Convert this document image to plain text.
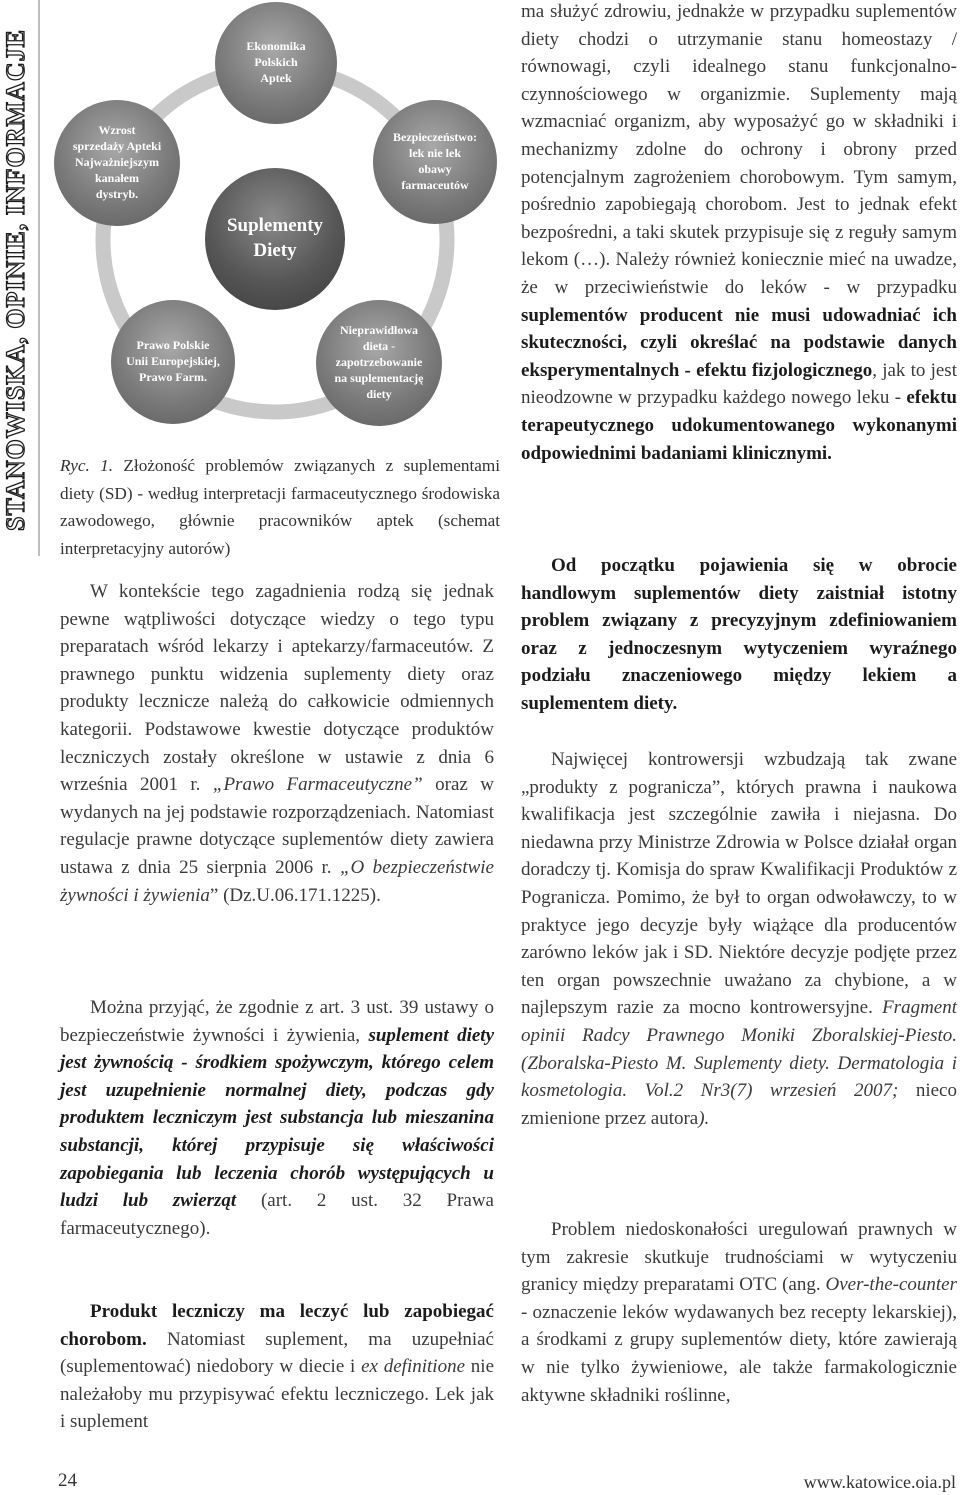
STANOWISKA, OPINIE, INFORMACJE	Ekonomika
Polskich
Aptek
Bezpieczeństwo:
lek nie lek
obawy
farmaceutów
Nieprawidłowa
dieta -
zapotrzebowanie
na suplementację
diety
Prawo Polskie
Unii Europejskiej,
Prawo Farm.
Wzrost
sprzedaży Apteki
Najważniejszym
kanałem
dystryb.
Suplementy
Diety

Ryc. 1. Złożoność problemów związanych z suplementami diety (SD) - według interpretacji farmaceutycznego środowiska zawodowego, głównie pracowników aptek (schemat interpretacyjny autorów)

W kontekście tego zagadnienia rodzą się jednak pewne wątpliwości dotyczące wiedzy o tego typu preparatach wśród lekarzy i aptekarzy/farmaceutów. Z prawnego punktu widzenia suplementy diety oraz produkty lecznicze należą do całkowicie odmiennych kategorii. Podstawowe kwestie dotyczące produktów leczniczych zostały określone w ustawie z dnia 6 września 2001 r. „Prawo Farmaceutyczne” oraz w wydanych na jej podstawie rozporządzeniach. Natomiast regulacje prawne dotyczące suplementów diety zawiera ustawa z dnia 25 sierpnia 2006 r. „O bezpieczeństwie żywności i żywienia” (Dz.U.06.171.1225).

Można przyjąć, że zgodnie z art. 3 ust. 39 ustawy o bezpieczeństwie żywności i żywienia, suplement diety jest żywnością - środkiem spożywczym, którego celem jest uzupełnienie normalnej diety, podczas gdy produktem leczniczym jest substancja lub mieszanina substancji, której przypisuje się właściwości zapobiegania lub leczenia chorób występujących u ludzi lub zwierząt (art. 2 ust. 32 Prawa farmaceutycznego).

Produkt leczniczy ma leczyć lub zapobiegać chorobom. Natomiast suplement, ma uzupełniać (suplementować) niedobory w diecie i ex definitione nie należałoby mu przypisywać efektu leczniczego. Lek jak i suplement

ma służyć zdrowiu, jednakże w przypadku suplementów diety chodzi o utrzymanie stanu homeostazy / równowagi, czyli idealnego stanu funkcjonalno-czynnościowego w organizmie. Suplementy mają wzmacniać organizm, aby wyposażyć go w składniki i mechanizmy zdolne do ochrony i obrony przed potencjalnym zagrożeniem chorobowym. Tym samym, pośrednio zapobiegają chorobom. Jest to jednak efekt bezpośredni, a taki skutek przypisuje się z reguły samym lekom (…). Należy również koniecznie mieć na uwadze, że w przeciwieństwie do leków - w przypadku suplementów producent nie musi udowadniać ich skuteczności, czyli określać na podstawie danych eksperymentalnych - efektu fizjologicznego, jak to jest nieodzowne w przypadku każdego nowego leku - efektu terapeutycznego udokumentowanego wykonanymi odpowiednimi badaniami klinicznymi.

Od początku pojawienia się w obrocie handlowym suplementów diety zaistniał istotny problem związany z precyzyjnym zdefiniowaniem oraz z jednoczesnym wytyczeniem wyraźnego podziału znaczeniowego między lekiem a suplementem diety.

Najwięcej kontrowersji wzbudzają tak zwane „produkty z pogranicza”, których prawna i naukowa kwalifikacja jest szczególnie zawiła i niejasna. Do niedawna przy Ministrze Zdrowia w Polsce działał organ doradczy tj. Komisja do spraw Kwalifikacji Produktów z Pogranicza. Pomimo, że był to organ odwoławczy, to w praktyce jego decyzje były wiążące dla producentów zarówno leków jak i SD. Niektóre decyzje podjęte przez ten organ powszechnie uważano za chybione, a w najlepszym razie za mocno kontrowersyjne. Fragment opinii Radcy Prawnego Moniki Zboralskiej-Piesto. (Zboralska-Piesto M. Suplementy diety. Dermatologia i kosmetologia. Vol.2 Nr3(7) wrzesień 2007; nieco zmienione przez autora).

Problem niedoskonałości uregulowań prawnych w tym zakresie skutkuje trudnościami w wytyczeniu granicy między preparatami OTC (ang. Over-the-counter - oznaczenie leków wydawanych bez recepty lekarskiej), a środkami z grupy suplementów diety, które zawierają w nie tylko żywieniowe, ale także farmakologicznie aktywne składniki roślinne,

24	www.katowice.oia.pl
